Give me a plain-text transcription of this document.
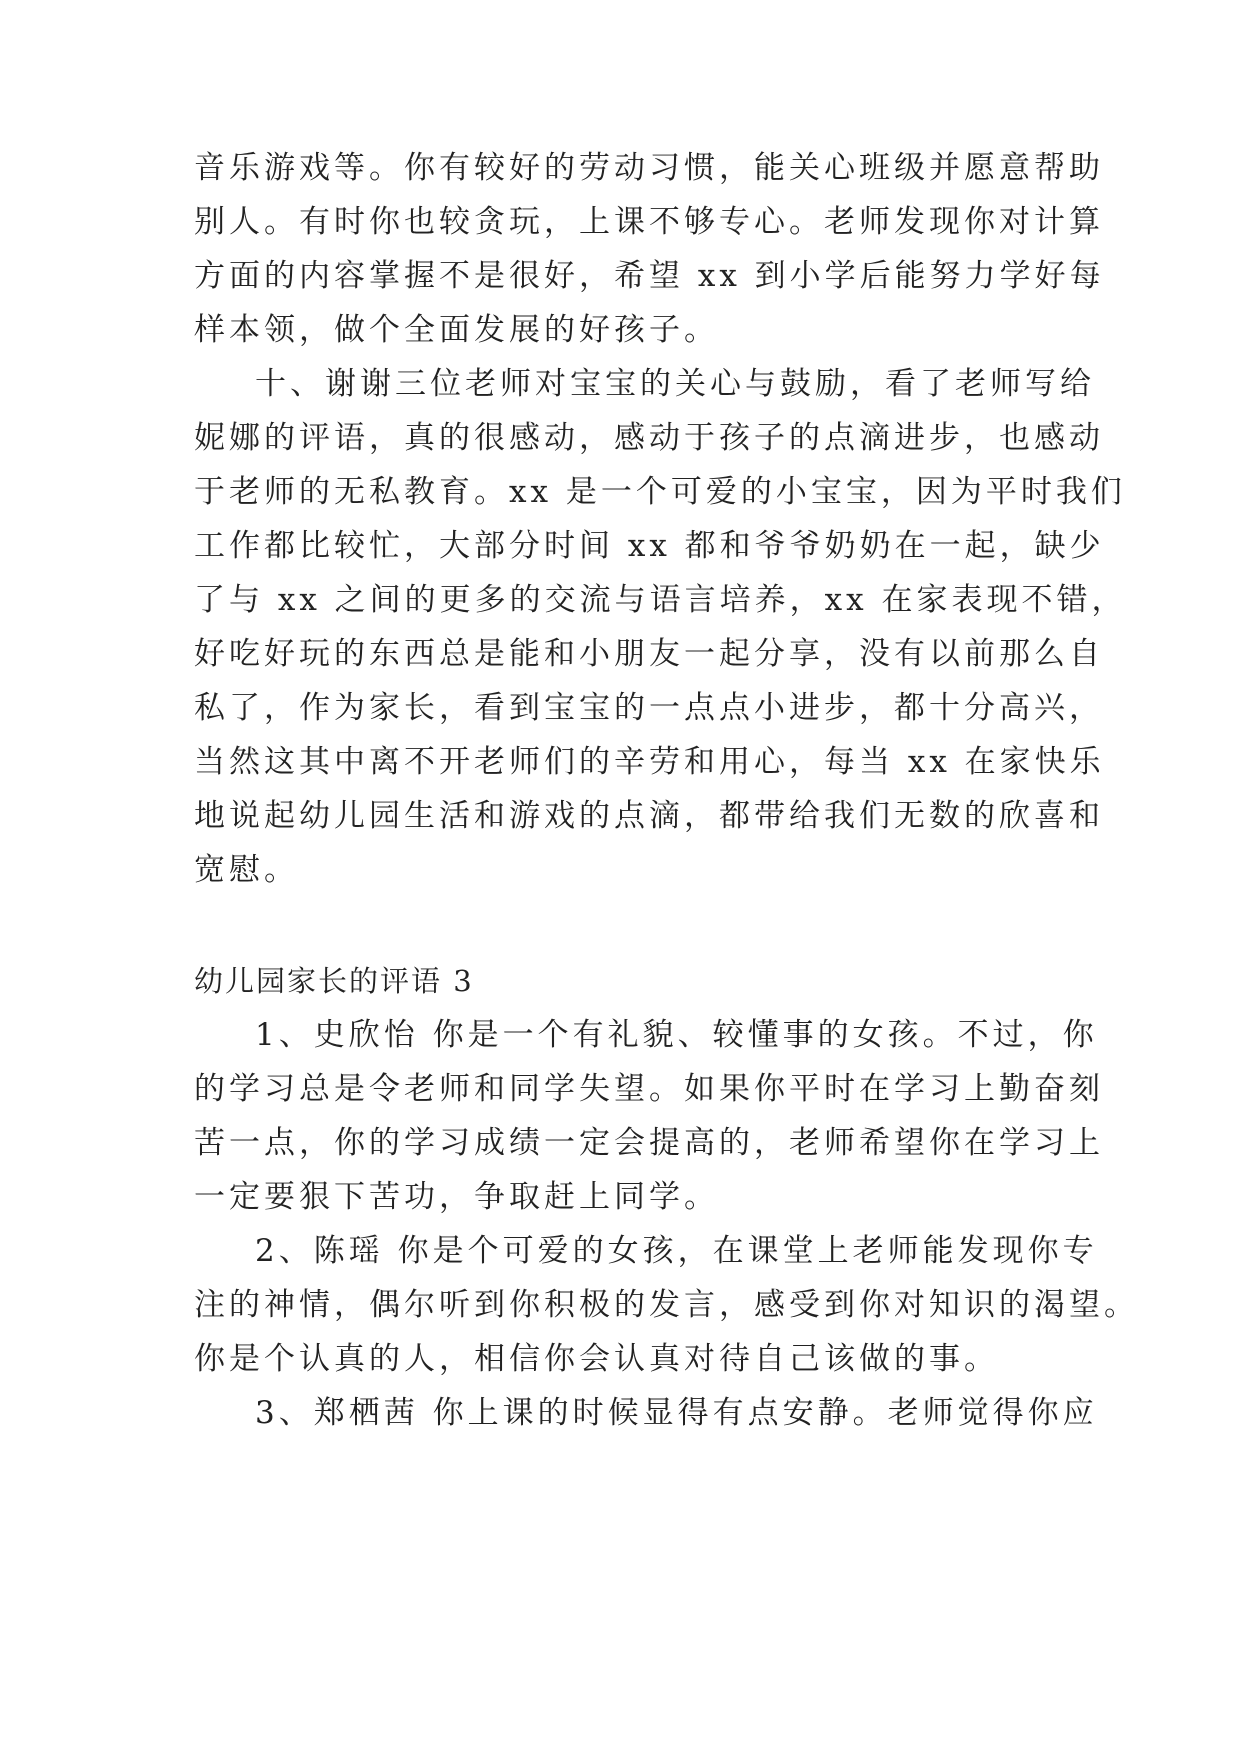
音乐游戏等。你有较好的劳动习惯，能关心班级并愿意帮助
别人。有时你也较贪玩，上课不够专心。老师发现你对计算
方面的内容掌握不是很好，希望 xx 到小学后能努力学好每
样本领，做个全面发展的好孩子。
十、谢谢三位老师对宝宝的关心与鼓励，看了老师写给
妮娜的评语，真的很感动，感动于孩子的点滴进步，也感动
于老师的无私教育。xx 是一个可爱的小宝宝，因为平时我们
工作都比较忙，大部分时间 xx 都和爷爷奶奶在一起，缺少
了与 xx 之间的更多的交流与语言培养，xx 在家表现不错，
好吃好玩的东西总是能和小朋友一起分享，没有以前那么自
私了，作为家长，看到宝宝的一点点小进步，都十分高兴，
当然这其中离不开老师们的辛劳和用心，每当 xx 在家快乐
地说起幼儿园生活和游戏的点滴，都带给我们无数的欣喜和
宽慰。
幼儿园家长的评语 3
1、史欣怡 你是一个有礼貌、较懂事的女孩。不过，你
的学习总是令老师和同学失望。如果你平时在学习上勤奋刻
苦一点，你的学习成绩一定会提高的，老师希望你在学习上
一定要狠下苦功，争取赶上同学。
2、陈瑶 你是个可爱的女孩，在课堂上老师能发现你专
注的神情，偶尔听到你积极的发言，感受到你对知识的渴望。
你是个认真的人，相信你会认真对待自己该做的事。
3、郑栖茜 你上课的时候显得有点安静。老师觉得你应
